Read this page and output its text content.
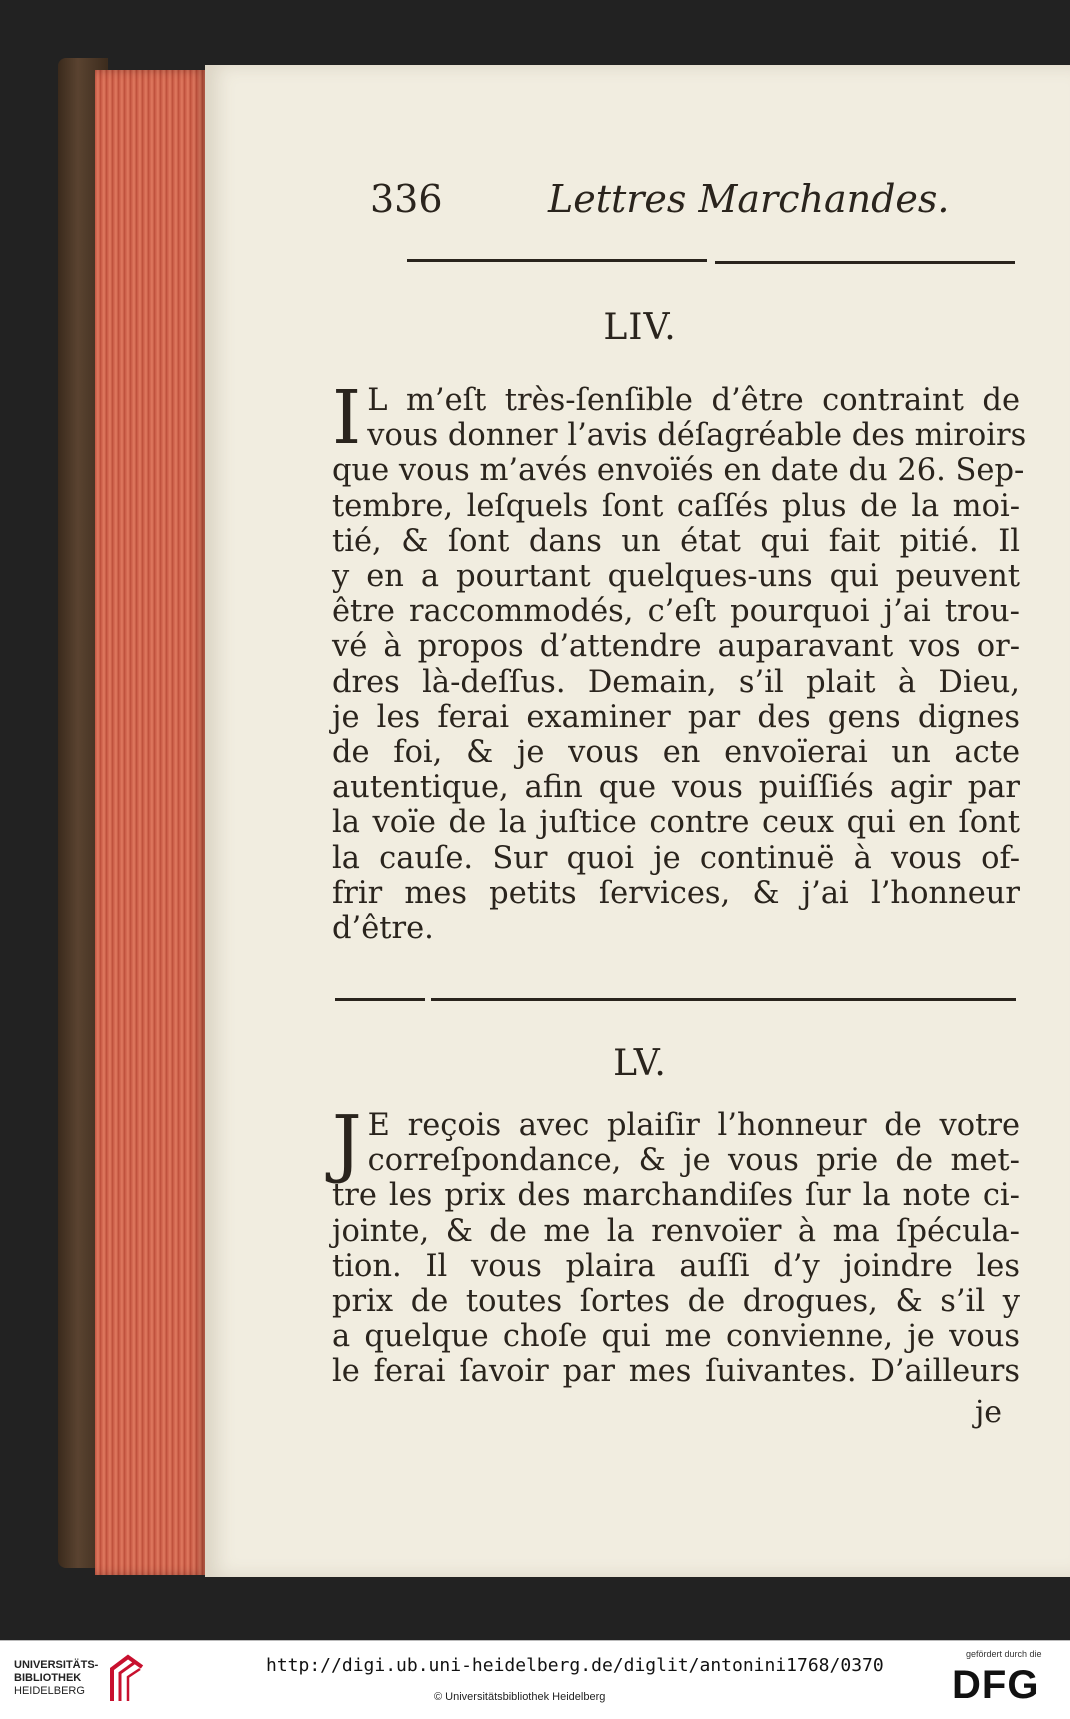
336	Lettres Marchandes.
LIV.
I L m’eſt très-ſenſible d’être contraint de
vous donner l’avis déſagréable des miroirs
que vous m’avés envoïés en date du 26. Sep-
tembre, leſquels ſont caſſés plus de la moi-
tié, & ſont dans un état qui fait pitié. Il
y en a pourtant quelques-uns qui peuvent
être raccommodés, c’eſt pourquoi j’ai trou-
vé à propos d’attendre auparavant vos or-
dres là-deſſus. Demain, s’il plait à Dieu,
je les ferai examiner par des gens dignes
de foi, & je vous en envoïerai un acte
autentique, afin que vous puiſſiés agir par
la voïe de la juſtice contre ceux qui en ſont
la cauſe. Sur quoi je continuë à vous of-
frir mes petits ſervices, & j’ai l’honneur
d’être.
LV.
J E reçois avec plaiſir l’honneur de votre
correſpondance, & je vous prie de met-
tre les prix des marchandiſes ſur la note ci-
jointe, & de me la renvoïer à ma ſpécula-
tion. Il vous plaira auſſi d’y joindre les
prix de toutes ſortes de drogues, & s’il y
a quelque choſe qui me convienne, je vous
le ferai ſavoir par mes ſuivantes. D’ailleurs
je
UNIVERSITÄTS-
BIBLIOTHEK
HEIDELBERG
http://digi.ub.uni-heidelberg.de/diglit/antonini1768/0370
© Universitätsbibliothek Heidelberg
gefördert durch die
DFG
